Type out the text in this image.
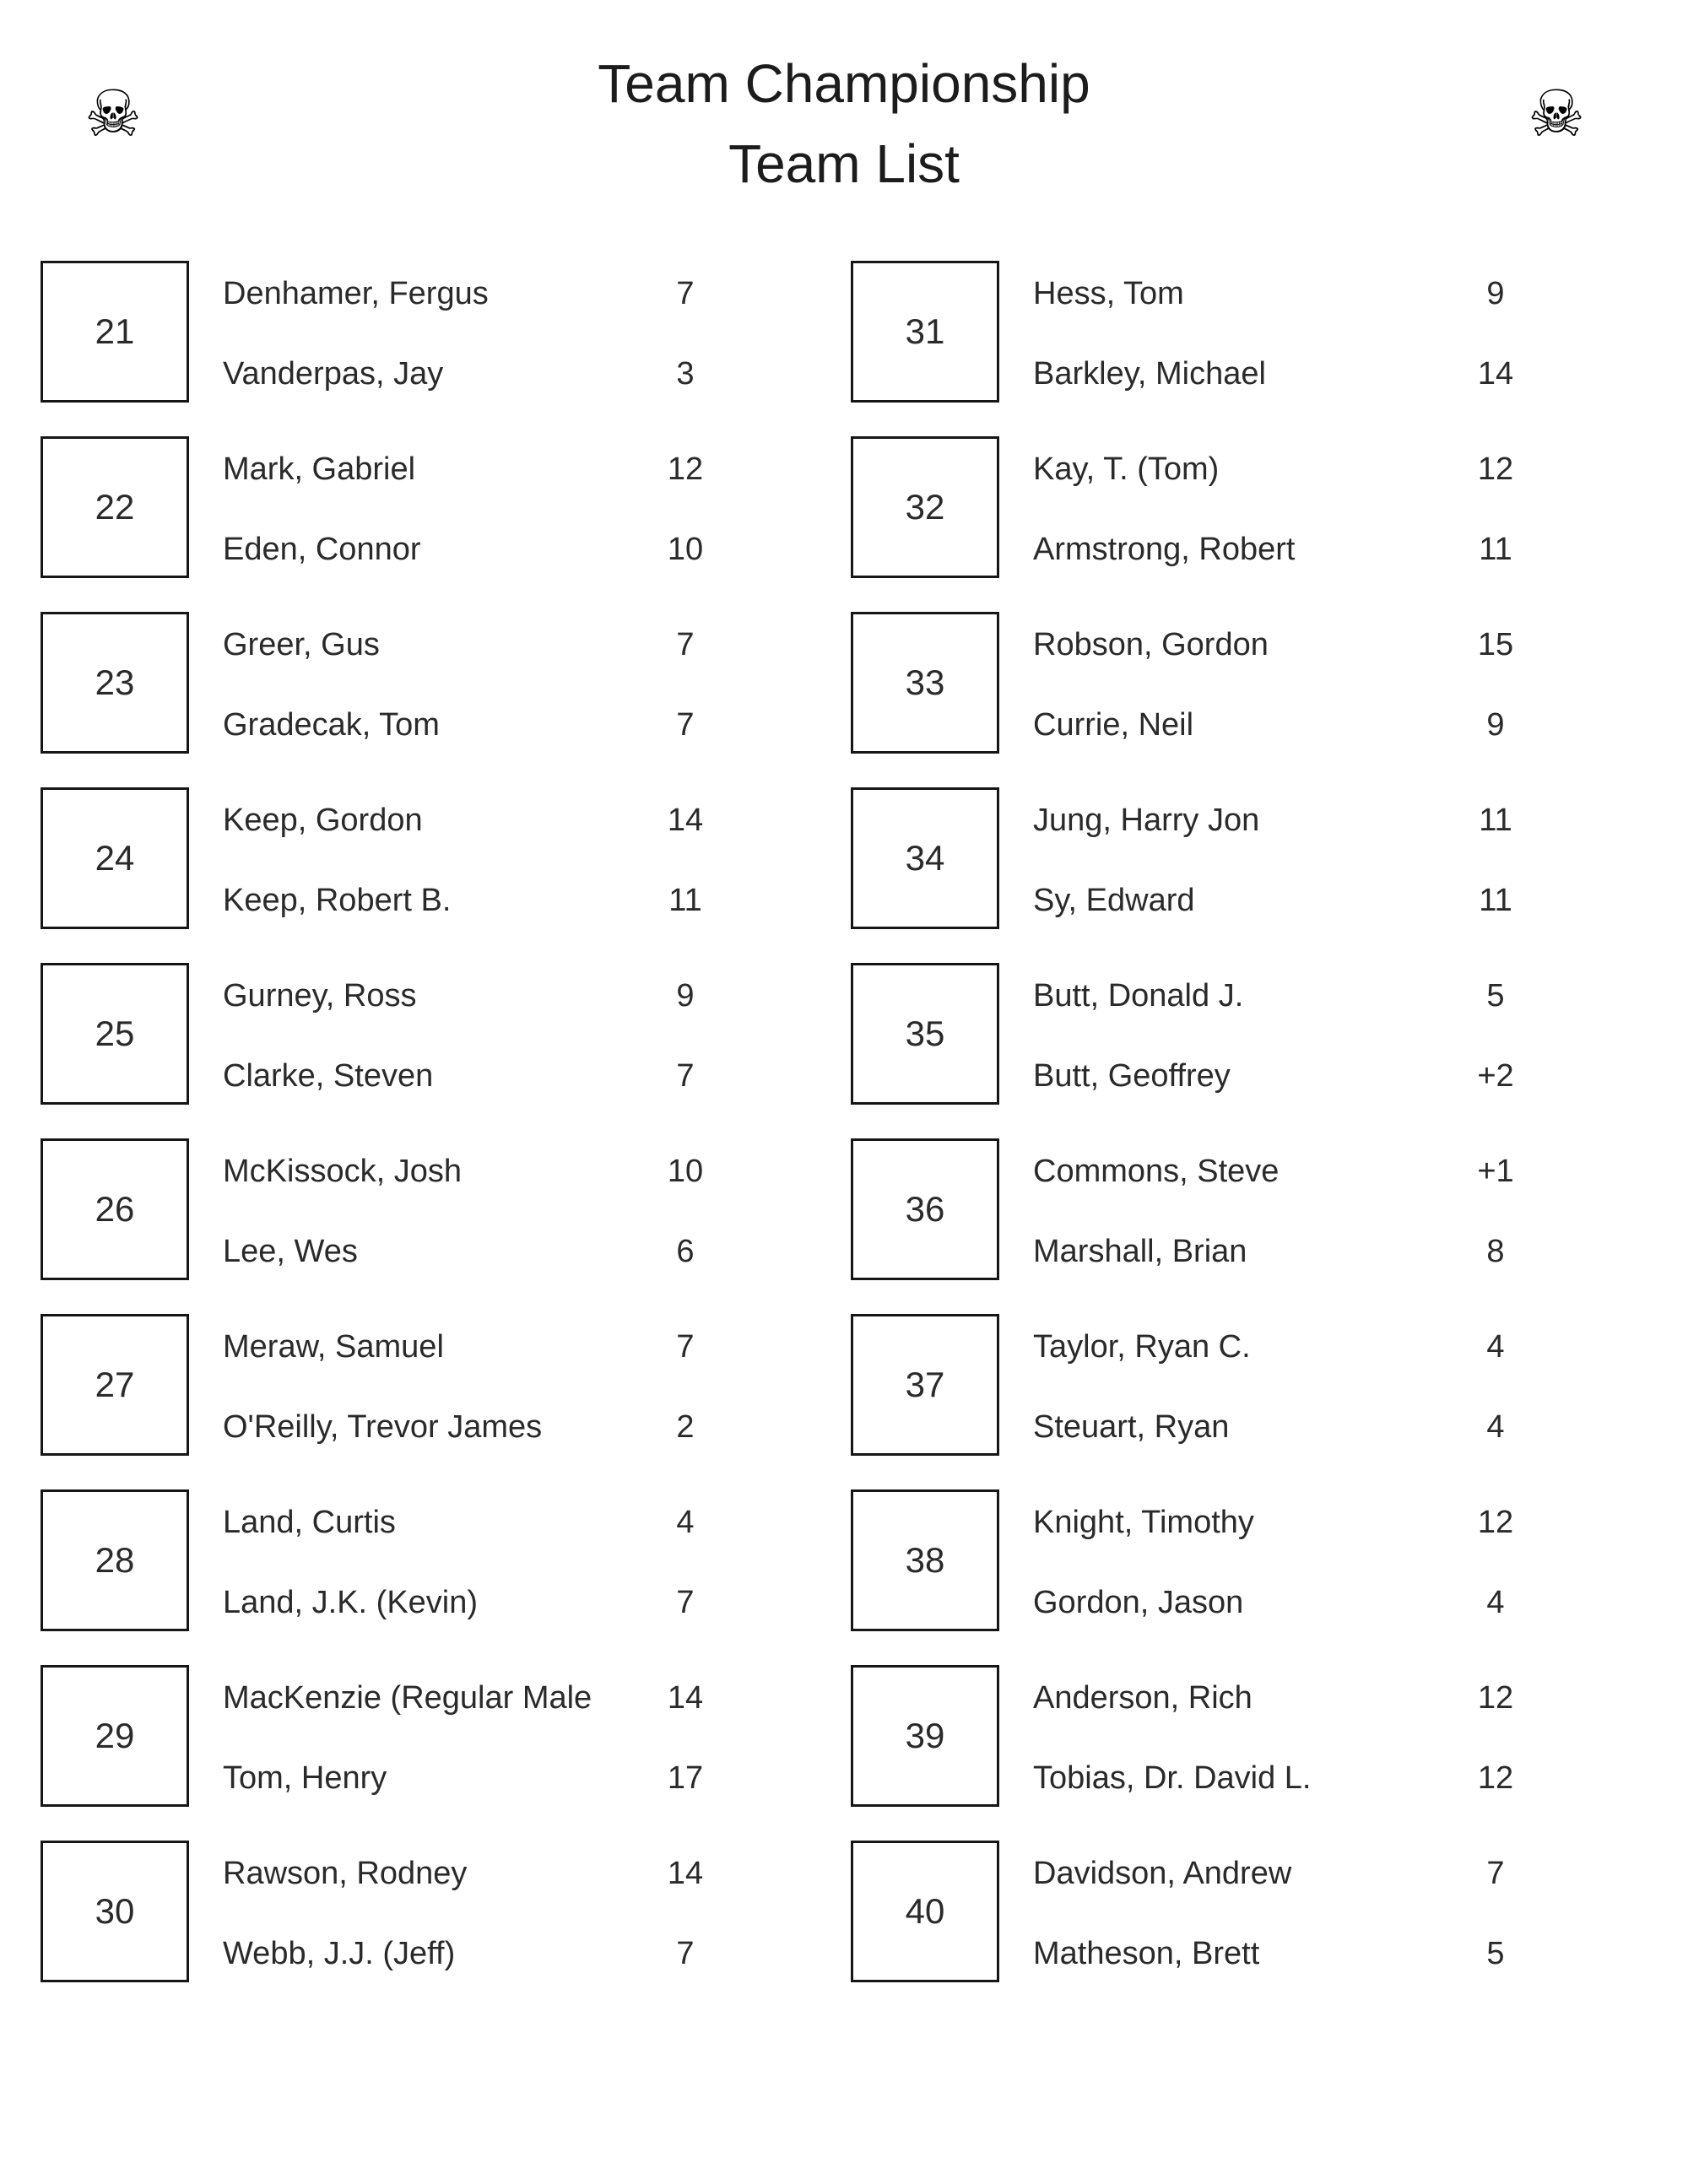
☠	Team Championship
Team List
☠
21
Denhamer, Fergus	7
Vanderpas, Jay	3
22
Mark, Gabriel	12
Eden, Connor	10
23
Greer, Gus	7
Gradecak, Tom	7
24
Keep, Gordon	14
Keep, Robert B.	11
25
Gurney, Ross	9
Clarke, Steven	7
26
McKissock, Josh	10
Lee, Wes	6
27
Meraw, Samuel	7
O'Reilly, Trevor James	2
28
Land, Curtis	4
Land, J.K. (Kevin)	7
29
MacKenzie (Regular Male	14
Tom, Henry	17
30
Rawson, Rodney	14
Webb, J.J. (Jeff)	7
31
Hess, Tom	9
Barkley, Michael	14
32
Kay, T. (Tom)	12
Armstrong, Robert	11
33
Robson, Gordon	15
Currie, Neil	9
34
Jung, Harry Jon	11
Sy, Edward	11
35
Butt, Donald J.	5
Butt, Geoffrey	+2
36
Commons, Steve	+1
Marshall, Brian	8
37
Taylor, Ryan C.	4
Steuart, Ryan	4
38
Knight, Timothy	12
Gordon, Jason	4
39
Anderson, Rich	12
Tobias, Dr. David L.	12
40
Davidson, Andrew	7
Matheson, Brett	5
